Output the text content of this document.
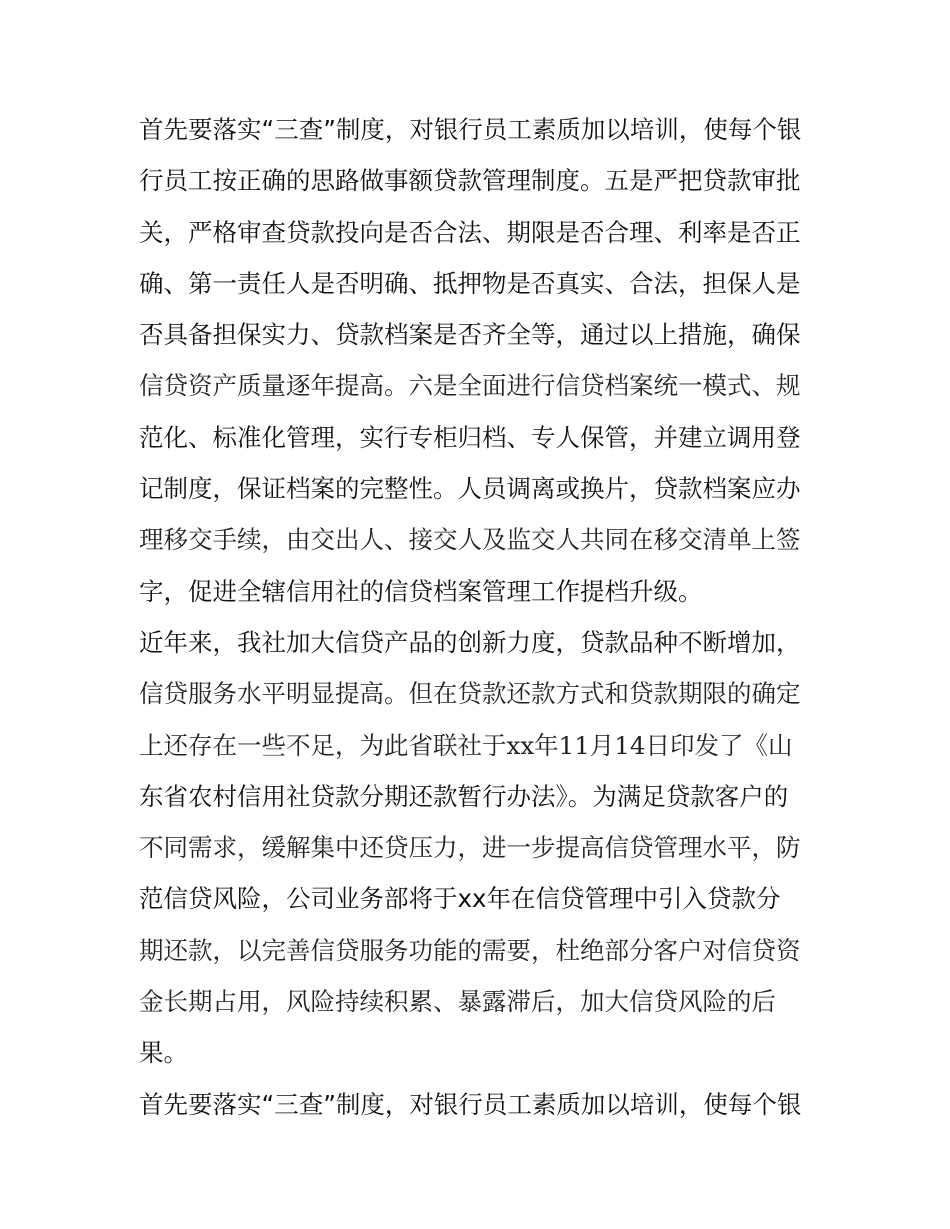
首先要落实“三查”制度，对银行员工素质加以培训，使每个银
行员工按正确的思路做事额贷款管理制度。五是严把贷款审批
关，严格审查贷款投向是否合法、期限是否合理、利率是否正
确、第一责任人是否明确、抵押物是否真实、合法，担保人是
否具备担保实力、贷款档案是否齐全等，通过以上措施，确保
信贷资产质量逐年提高。六是全面进行信贷档案统一模式、规
范化、标准化管理，实行专柜归档、专人保管，并建立调用登
记制度，保证档案的完整性。人员调离或换片，贷款档案应办
理移交手续，由交出人、接交人及监交人共同在移交清单上签
字，促进全辖信用社的信贷档案管理工作提档升级。
近年来，我社加大信贷产品的创新力度，贷款品种不断增加，
信贷服务水平明显提高。但在贷款还款方式和贷款期限的确定
上还存在一些不足，为此省联社于xx年11月14日印发了《山
东省农村信用社贷款分期还款暂行办法》。为满足贷款客户的
不同需求，缓解集中还贷压力，进一步提高信贷管理水平，防
范信贷风险，公司业务部将于xx年在信贷管理中引入贷款分
期还款，以完善信贷服务功能的需要，杜绝部分客户对信贷资
金长期占用，风险持续积累、暴露滞后，加大信贷风险的后
果。
首先要落实“三查”制度，对银行员工素质加以培训，使每个银
